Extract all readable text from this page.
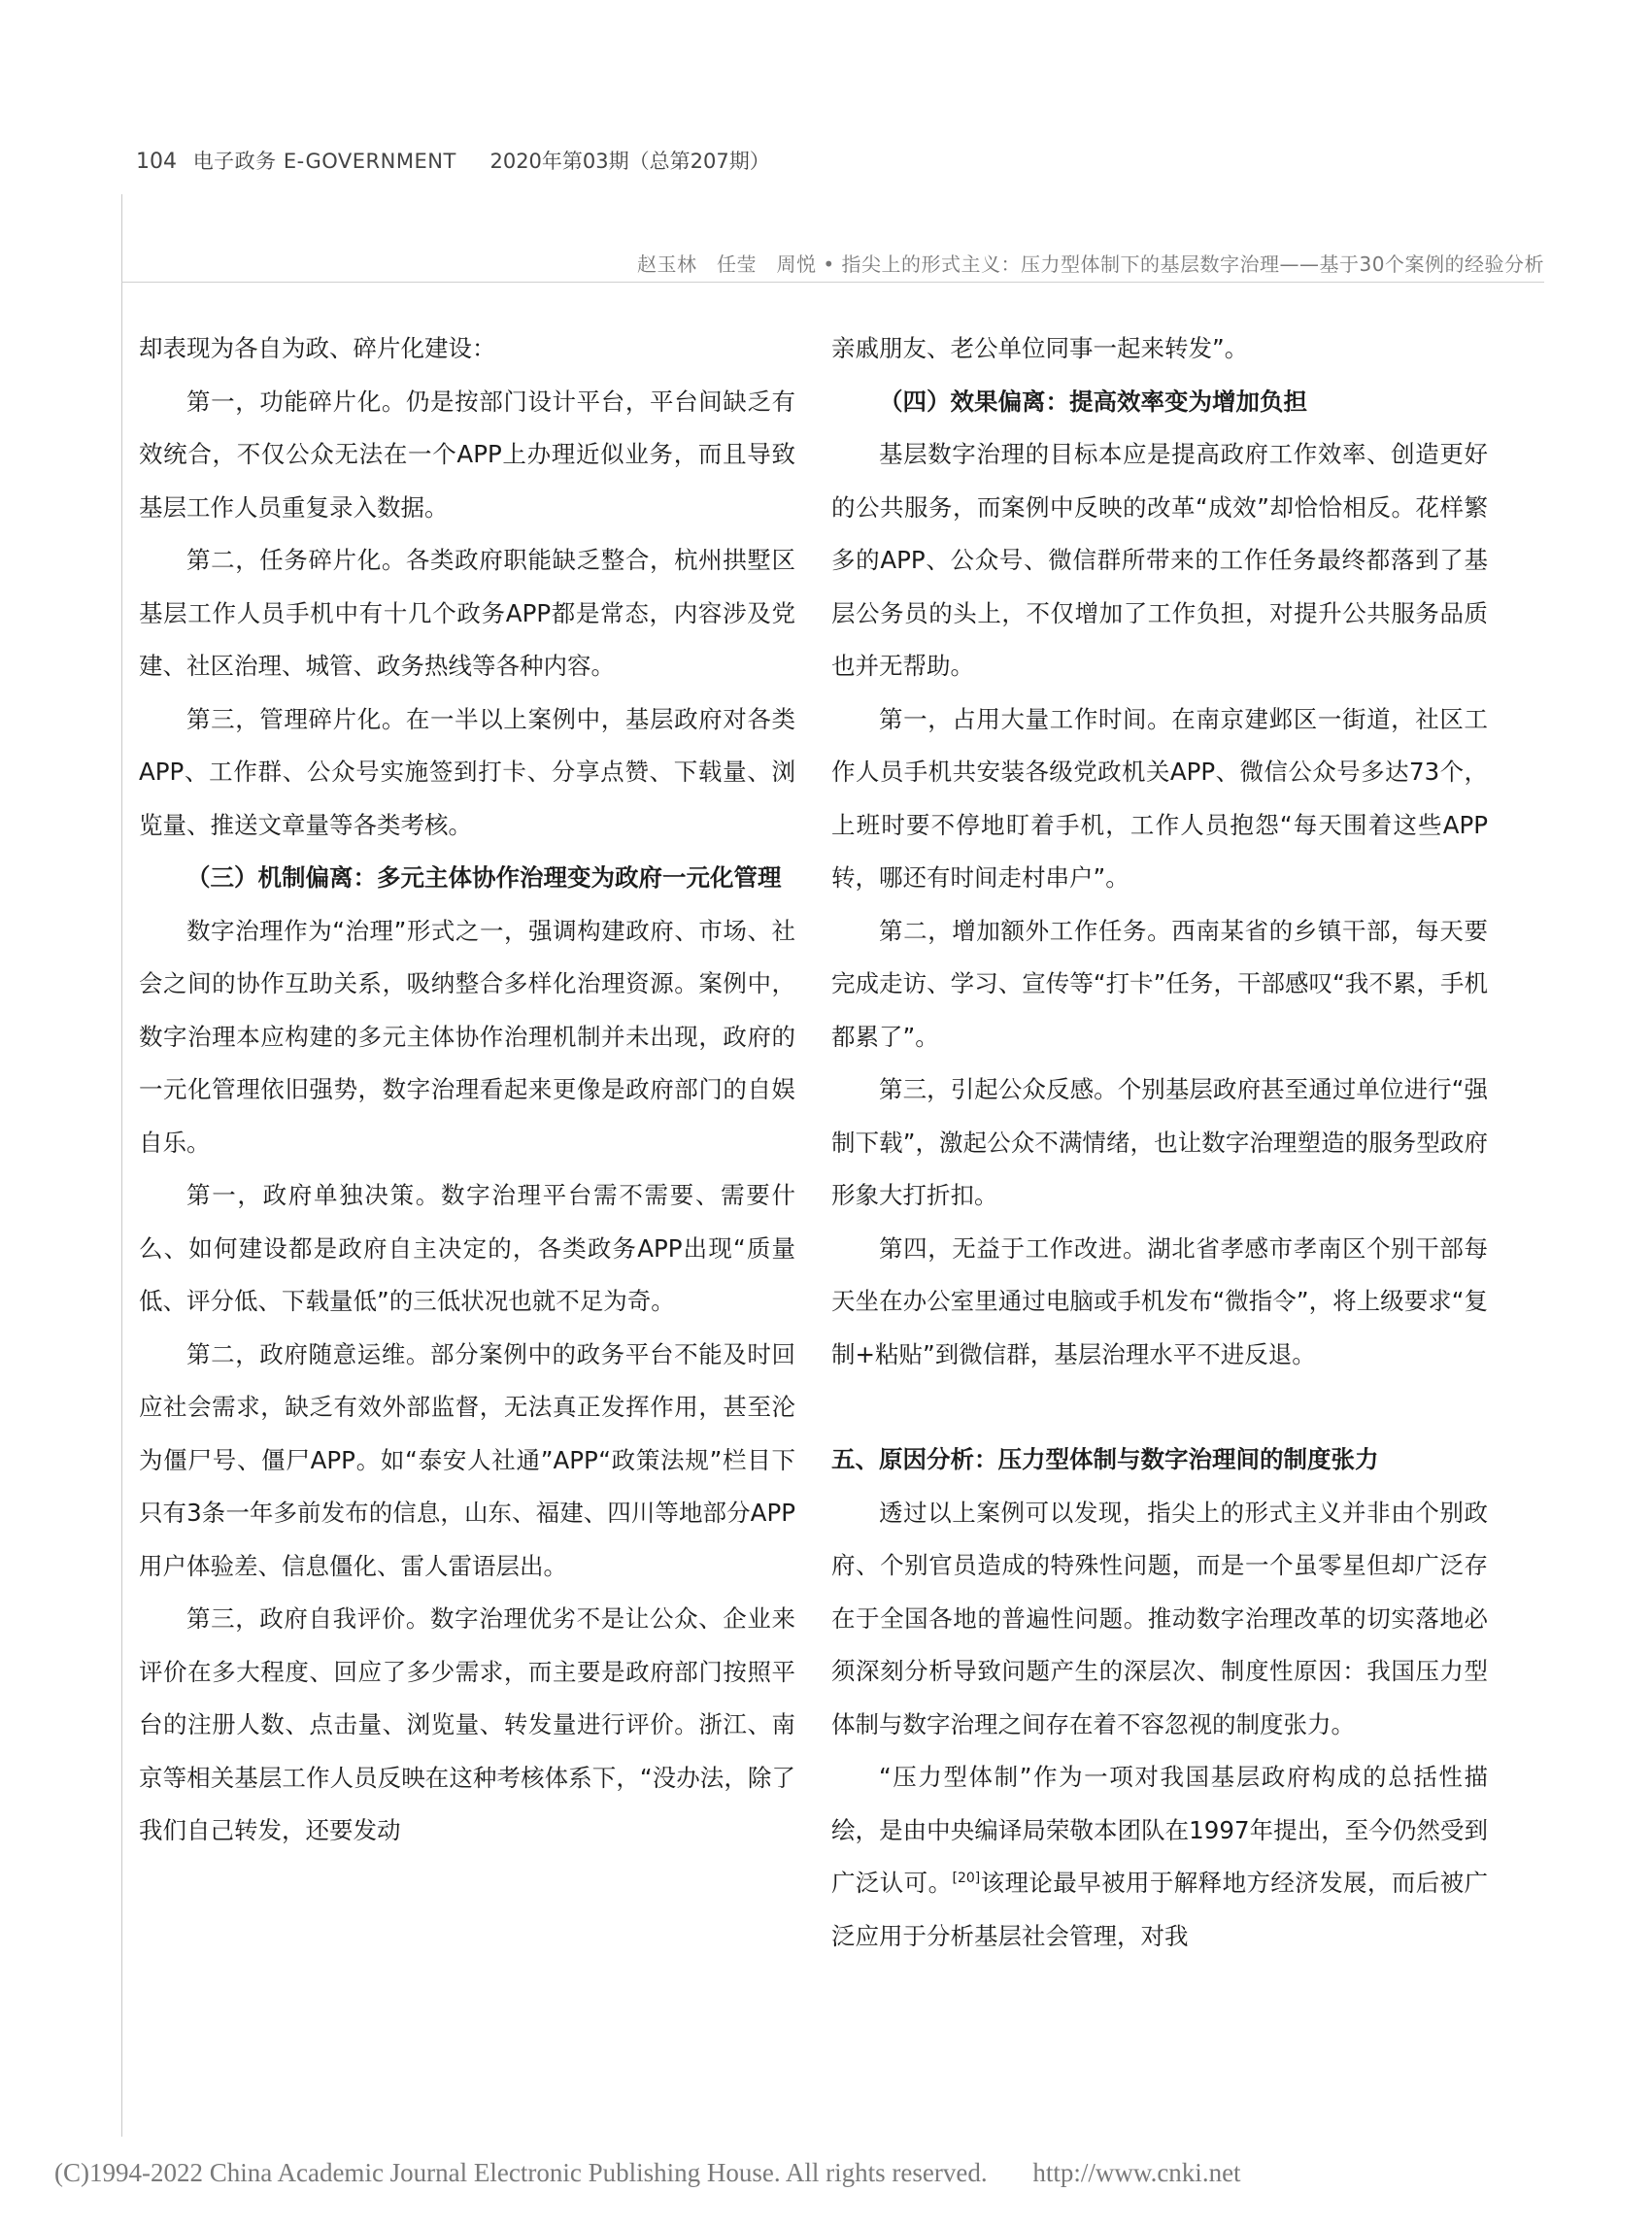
104 电子政务 E-GOVERNMENT 2020年第03期（总第207期）
赵玉林　任莹　周悦 • 指尖上的形式主义：压力型体制下的基层数字治理——基于30个案例的经验分析

却表现为各自为政、碎片化建设：

第一，功能碎片化。仍是按部门设计平台，平台间缺乏有效统合，不仅公众无法在一个APP上办理近似业务，而且导致基层工作人员重复录入数据。

第二，任务碎片化。各类政府职能缺乏整合，杭州拱墅区基层工作人员手机中有十几个政务APP都是常态，内容涉及党建、社区治理、城管、政务热线等各种内容。

第三，管理碎片化。在一半以上案例中，基层政府对各类APP、工作群、公众号实施签到打卡、分享点赞、下载量、浏览量、推送文章量等各类考核。

（三）机制偏离：多元主体协作治理变为政府一元化管理

数字治理作为“治理”形式之一，强调构建政府、市场、社会之间的协作互助关系，吸纳整合多样化治理资源。案例中，数字治理本应构建的多元主体协作治理机制并未出现，政府的一元化管理依旧强势，数字治理看起来更像是政府部门的自娱自乐。

第一，政府单独决策。数字治理平台需不需要、需要什么、如何建设都是政府自主决定的，各类政务APP出现“质量低、评分低、下载量低”的三低状况也就不足为奇。

第二，政府随意运维。部分案例中的政务平台不能及时回应社会需求，缺乏有效外部监督，无法真正发挥作用，甚至沦为僵尸号、僵尸APP。如“泰安人社通”APP“政策法规”栏目下只有3条一年多前发布的信息，山东、福建、四川等地部分APP用户体验差、信息僵化、雷人雷语层出。

第三，政府自我评价。数字治理优劣不是让公众、企业来评价在多大程度、回应了多少需求，而主要是政府部门按照平台的注册人数、点击量、浏览量、转发量进行评价。浙江、南京等相关基层工作人员反映在这种考核体系下，“没办法，除了我们自己转发，还要发动

亲戚朋友、老公单位同事一起来转发”。

（四）效果偏离：提高效率变为增加负担

基层数字治理的目标本应是提高政府工作效率、创造更好的公共服务，而案例中反映的改革“成效”却恰恰相反。花样繁多的APP、公众号、微信群所带来的工作任务最终都落到了基层公务员的头上，不仅增加了工作负担，对提升公共服务品质也并无帮助。

第一，占用大量工作时间。在南京建邺区一街道，社区工作人员手机共安装各级党政机关APP、微信公众号多达73个，上班时要不停地盯着手机，工作人员抱怨“每天围着这些APP转，哪还有时间走村串户”。

第二，增加额外工作任务。西南某省的乡镇干部，每天要完成走访、学习、宣传等“打卡”任务，干部感叹“我不累，手机都累了”。

第三，引起公众反感。个别基层政府甚至通过单位进行“强制下载”，激起公众不满情绪，也让数字治理塑造的服务型政府形象大打折扣。

第四，无益于工作改进。湖北省孝感市孝南区个别干部每天坐在办公室里通过电脑或手机发布“微指令”，将上级要求“复制+粘贴”到微信群，基层治理水平不进反退。

五、原因分析：压力型体制与数字治理间的制度张力

透过以上案例可以发现，指尖上的形式主义并非由个别政府、个别官员造成的特殊性问题，而是一个虽零星但却广泛存在于全国各地的普遍性问题。推动数字治理改革的切实落地必须深刻分析导致问题产生的深层次、制度性原因：我国压力型体制与数字治理之间存在着不容忽视的制度张力。

“压力型体制”作为一项对我国基层政府构成的总括性描绘，是由中央编译局荣敬本团队在1997年提出，至今仍然受到广泛认可。[20]该理论最早被用于解释地方经济发展，而后被广泛应用于分析基层社会管理，对我

(C)1994-2022 China Academic Journal Electronic Publishing House. All rights reserved. http://www.cnki.net
